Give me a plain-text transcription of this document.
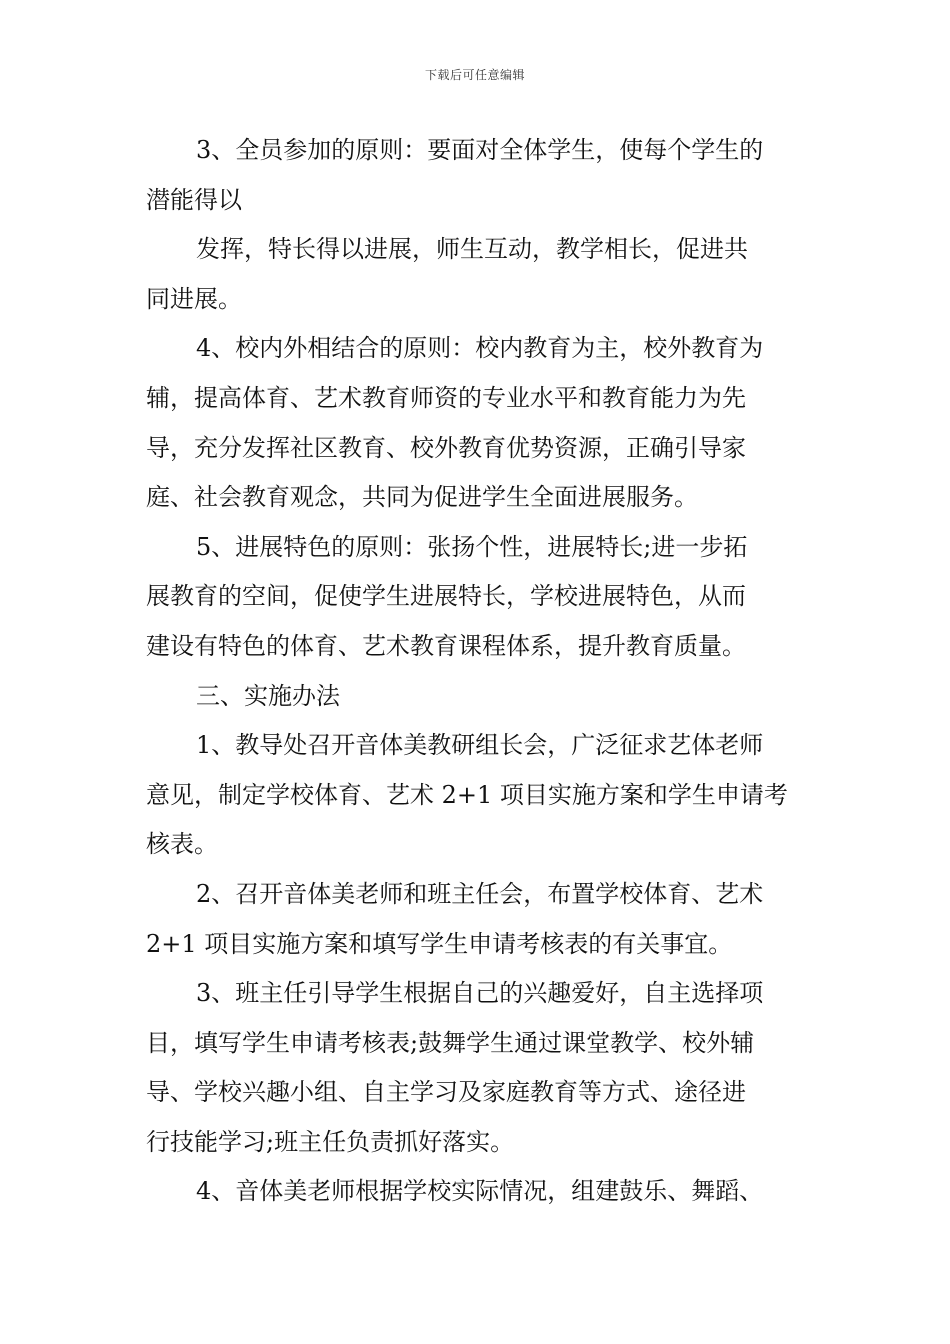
下载后可任意编辑
3、全员参加的原则：要面对全体学生，使每个学生的
潜能得以
发挥，特长得以进展，师生互动，教学相长，促进共
同进展。
4、校内外相结合的原则：校内教育为主，校外教育为
辅，提高体育、艺术教育师资的专业水平和教育能力为先
导，充分发挥社区教育、校外教育优势资源，正确引导家
庭、社会教育观念，共同为促进学生全面进展服务。
5、进展特色的原则：张扬个性，进展特长;进一步拓
展教育的空间，促使学生进展特长，学校进展特色，从而
建设有特色的体育、艺术教育课程体系，提升教育质量。
三、实施办法
1、教导处召开音体美教研组长会，广泛征求艺体老师
意见，制定学校体育、艺术 2+1 项目实施方案和学生申请考
核表。
2、召开音体美老师和班主任会，布置学校体育、艺术
2+1 项目实施方案和填写学生申请考核表的有关事宜。
3、班主任引导学生根据自己的兴趣爱好，自主选择项
目，填写学生申请考核表;鼓舞学生通过课堂教学、校外辅
导、学校兴趣小组、自主学习及家庭教育等方式、途径进
行技能学习;班主任负责抓好落实。
4、音体美老师根据学校实际情况，组建鼓乐、舞蹈、
